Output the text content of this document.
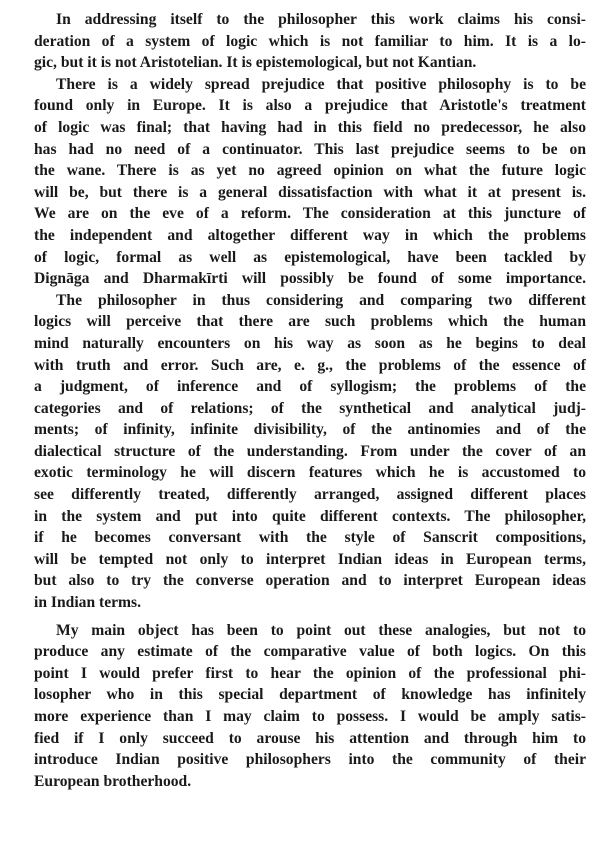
In addressing itself to the philosopher this work claims his consi-
deration of a system of logic which is not familiar to him. It is a lo-
gic, but it is not Aristotelian. It is epistemological, but not Kantian.
There is a widely spread prejudice that positive philosophy is to be
found only in Europe. It is also a prejudice that Aristotle's treatment
of logic was final; that having had in this field no predecessor, he also
has had no need of a continuator. This last prejudice seems to be on
the wane. There is as yet no agreed opinion on what the future logic
will be, but there is a general dissatisfaction with what it at present is.
We are on the eve of a reform. The consideration at this juncture of
the independent and altogether different way in which the problems
of logic, formal as well as epistemological, have been tackled by
Dignāga and Dharmakīrti will possibly be found of some importance.
The philosopher in thus considering and comparing two different
logics will perceive that there are such problems which the human
mind naturally encounters on his way as soon as he begins to deal
with truth and error. Such are, e. g., the problems of the essence of
a judgment, of inference and of syllogism; the problems of the
categories and of relations; of the synthetical and analytical judj-
ments; of infinity, infinite divisibility, of the antinomies and of the
dialectical structure of the understanding. From under the cover of an
exotic terminology he will discern features which he is accustomed to
see differently treated, differently arranged, assigned different places
in the system and put into quite different contexts. The philosopher,
if he becomes conversant with the style of Sanscrit compositions,
will be tempted not only to interpret Indian ideas in European terms,
but also to try the converse operation and to interpret European ideas
in Indian terms.
My main object has been to point out these analogies, but not to
produce any estimate of the comparative value of both logics. On this
point I would prefer first to hear the opinion of the professional phi-
losopher who in this special department of knowledge has infinitely
more experience than I may claim to possess. I would be amply satis-
fied if I only succeed to arouse his attention and through him to
introduce Indian positive philosophers into the community of their
European brotherhood.
